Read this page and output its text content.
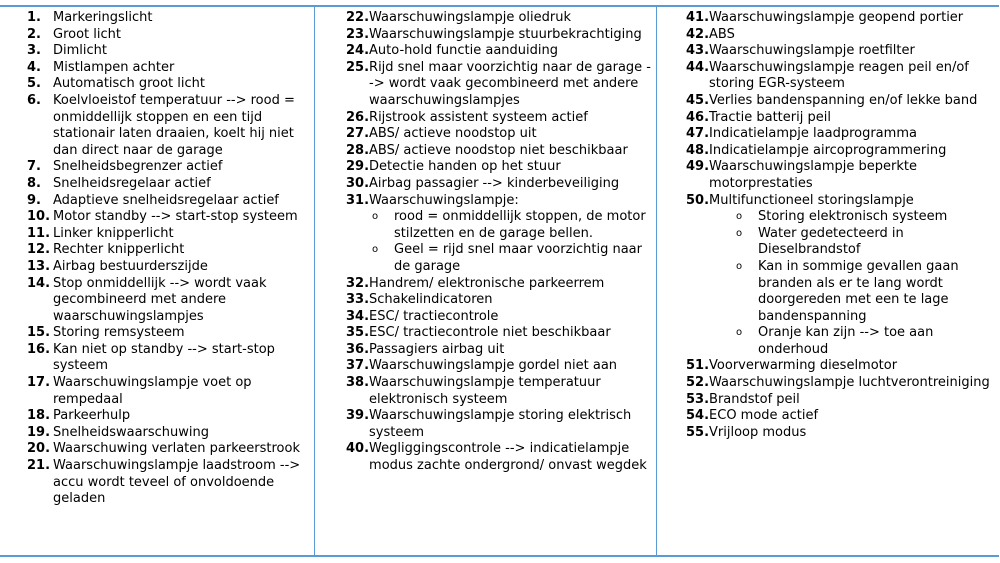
1. Markeringslicht
2. Groot licht
3. Dimlicht
4. Mistlampen achter
5. Automatisch groot licht
6. Koelvloeistof temperatuur --> rood = onmiddellijk stoppen en een tijd stationair laten draaien, koelt hij niet dan direct naar de garage
7. Snelheidsbegrenzer actief
8. Snelheidsregelaar actief
9. Adaptieve snelheidsregelaar actief
10. Motor standby --> start-stop systeem
11. Linker knipperlicht
12. Rechter knipperlicht
13. Airbag bestuurderszijde
14. Stop onmiddellijk --> wordt vaak gecombineerd met andere waarschuwingslampjes
15. Storing remsysteem
16. Kan niet op standby --> start-stop systeem
17. Waarschuwingslampje voet op rempedaal
18. Parkeerhulp
19. Snelheidswaarschuwing
20. Waarschuwing verlaten parkeerstrook
21. Waarschuwingslampje laadstroom --> accu wordt teveel of onvoldoende geladen
22. Waarschuwingslampje oliedruk
23. Waarschuwingslampje stuurbekrachtiging
24. Auto-hold functie aanduiding
25. Rijd snel maar voorzichtig naar de garage --> wordt vaak gecombineerd met andere waarschuwingslampjes
26. Rijstrook assistent systeem actief
27. ABS/ actieve noodstop uit
28. ABS/ actieve noodstop niet beschikbaar
29. Detectie handen op het stuur
30. Airbag passagier --> kinderbeveiliging
31. Waarschuwingslampje:
o	rood = onmiddellijk stoppen, de motor stilzetten en de garage bellen.
o	Geel = rijd snel maar voorzichtig naar de garage
32. Handrem/ elektronische parkeerrem
33. Schakelindicatoren
34. ESC/ tractiecontrole
35. ESC/ tractiecontrole niet beschikbaar
36. Passagiers airbag uit
37. Waarschuwingslampje gordel niet aan
38. Waarschuwingslampje temperatuur elektronisch systeem
39. Waarschuwingslampje storing elektrisch systeem
40. Wegliggingscontrole --> indicatielampje modus zachte ondergrond/ onvast wegdek
41. Waarschuwingslampje geopend portier
42. ABS
43. Waarschuwingslampje roetfilter
44. Waarschuwingslampje reagen peil en/of storing EGR-systeem
45. Verlies bandenspanning en/of lekke band
46. Tractie batterij peil
47. Indicatielampje laadprogramma
48. Indicatielampje aircoprogrammering
49. Waarschuwingslampje beperkte motorprestaties
50. Multifunctioneel storingslampje
o	Storing elektronisch systeem
o	Water gedetecteerd in Dieselbrandstof
o	Kan in sommige gevallen gaan branden als er te lang wordt doorgereden met een te lage bandenspanning
o	Oranje kan zijn --> toe aan onderhoud
51. Voorverwarming dieselmotor
52. Waarschuwingslampje luchtverontreiniging
53. Brandstof peil
54. ECO mode actief
55. Vrijloop modus
